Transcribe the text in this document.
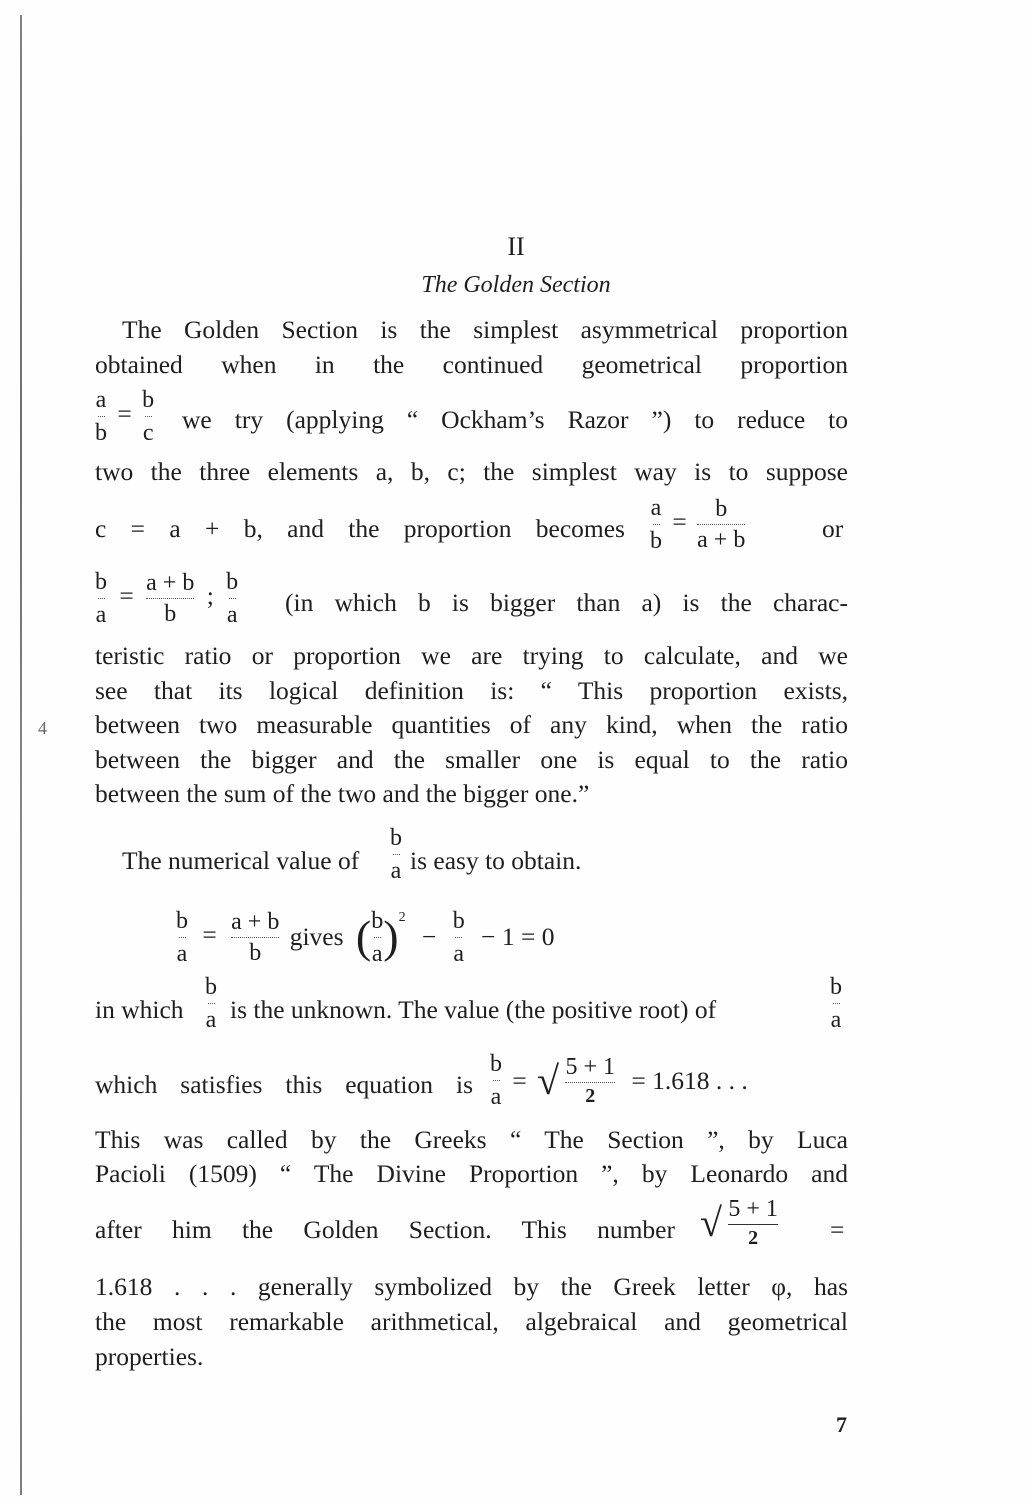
4
II
The Golden Section
The Golden Section is the simplest asymmetrical proportion
obtained when in the continued geometrical proportion
$\frac{a}{b} = \frac{b}{c}$ we try (applying “ Ockham’s Razor ”) to reduce to
two the three elements a, b, c; the simplest way is to suppose
c = a + b, and the proportion becomes $\frac{a}{b} = \frac{b}{a + b}$	or
$\frac{b}{a} = \frac{a + b}{b}$ ; $\frac{b}{a} (in$ which b is bigger than a) is the charac-
teristic ratio or proportion we are trying to calculate, and we
see that its logical definition is: “ This proportion exists,
between two measurable quantities of any kind, when the ratio
between the bigger and the smaller one is equal to the ratio
between the sum of the two and the bigger one.”
The numerical value of $\frac{b}{a}$ is easy to obtain.
$\frac{b}{a} = \frac{a + b}{b}$ gives ( $\frac{b}{a} )^2 - \frac{b}{a} - 1 = 0$
in which $\frac{b}{a}$ is the unknown. The value (the positive root) of	$\frac{b}{a}$
which satisfies this equation is $\frac{b}{a}$ = √ $\frac{5 + 1}{2} = 1.618$ . . .
This was called by the Greeks “ The Section ”, by Luca
Pacioli (1509) “ The Divine Proportion ”, by Leonardo and
after him the Golden Section. This number √ $\frac{5 + 1}{2}$ =
1.618 . . . generally symbolized by the Greek letter φ, has
the most remarkable arithmetical, algebraical and geometrical
properties.
7
